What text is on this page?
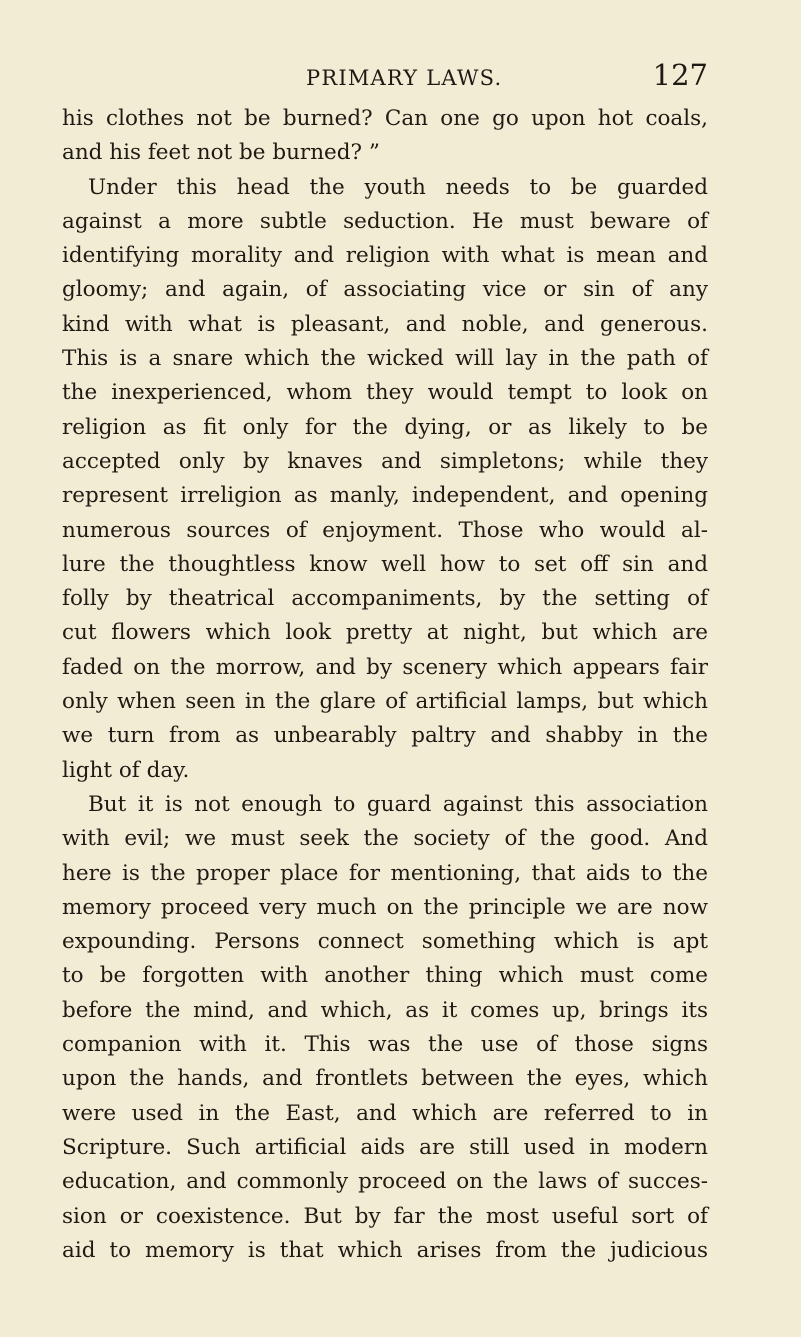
PRIMARY LAWS.	127
his clothes not be burned? Can one go upon hot coals,
and his feet not be burned? ”
Under this head the youth needs to be guarded
against a more subtle seduction. He must beware of
identifying morality and religion with what is mean and
gloomy; and again, of associating vice or sin of any
kind with what is pleasant, and noble, and generous.
This is a snare which the wicked will lay in the path of
the inexperienced, whom they would tempt to look on
religion as fit only for the dying, or as likely to be
accepted only by knaves and simpletons; while they
represent irreligion as manly, independent, and opening
numerous sources of enjoyment. Those who would al-
lure the thoughtless know well how to set off sin and
folly by theatrical accompaniments, by the setting of
cut flowers which look pretty at night, but which are
faded on the morrow, and by scenery which appears fair
only when seen in the glare of artificial lamps, but which
we turn from as unbearably paltry and shabby in the
light of day.
But it is not enough to guard against this association
with evil; we must seek the society of the good. And
here is the proper place for mentioning, that aids to the
memory proceed very much on the principle we are now
expounding. Persons connect something which is apt
to be forgotten with another thing which must come
before the mind, and which, as it comes up, brings its
companion with it. This was the use of those signs
upon the hands, and frontlets between the eyes, which
were used in the East, and which are referred to in
Scripture. Such artificial aids are still used in modern
education, and commonly proceed on the laws of succes-
sion or coexistence. But by far the most useful sort of
aid to memory is that which arises from the judicious
